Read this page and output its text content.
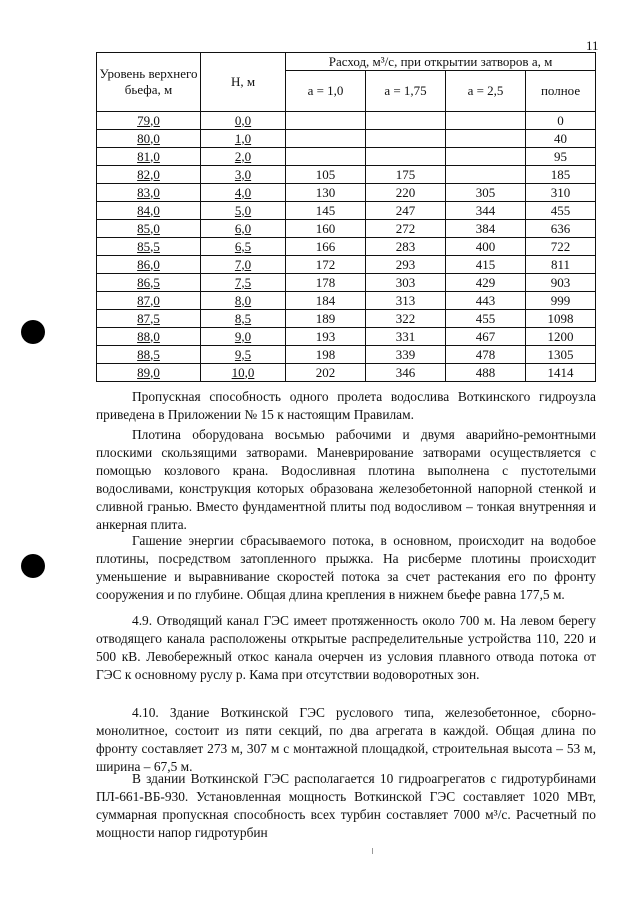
11
Уровень верхнего бьефа, м	H, м	Расход, м³/с, при открытии затворов a, м			
		a = 1,0	a = 1,75	a = 2,5	полное
79,0	0,0				0
80,0	1,0				40
81,0	2,0				95
82,0	3,0	105	175		185
83,0	4,0	130	220	305	310
84,0	5,0	145	247	344	455
85,0	6,0	160	272	384	636
85,5	6,5	166	283	400	722
86,0	7,0	172	293	415	811
86,5	7,5	178	303	429	903
87,0	8,0	184	313	443	999
87,5	8,5	189	322	455	1098
88,0	9,0	193	331	467	1200
88,5	9,5	198	339	478	1305
89,0	10,0	202	346	488	1414

Пропускная способность одного пролета водослива Воткинского гидроузла приведена в Приложении № 15 к настоящим Правилам.

Плотина оборудована восьмью рабочими и двумя аварийно-ремонтными плоскими скользящими затворами. Маневрирование затворами осуществляется с помощью козлового крана. Водосливная плотина выполнена с пустотелыми водосливами, конструкция которых образована железобетонной напорной стенкой и сливной гранью. Вместо фундаментной плиты под водосливом – тонкая внутренняя и анкерная плита.

Гашение энергии сбрасываемого потока, в основном, происходит на водобое плотины, посредством затопленного прыжка. На рисберме плотины происходит уменьшение и выравнивание скоростей потока за счет растекания его по фронту сооружения и по глубине. Общая длина крепления в нижнем бьефе равна 177,5 м.

4.9. Отводящий канал ГЭС имеет протяженность около 700 м. На левом берегу отводящего канала расположены открытые распределительные устройства 110, 220 и 500 кВ. Левобережный откос канала очерчен из условия плавного отвода потока от ГЭС к основному руслу р. Кама при отсутствии водоворотных зон.

4.10. Здание Воткинской ГЭС руслового типа, железобетонное, сборно-монолитное, состоит из пяти секций, по два агрегата в каждой. Общая длина по фронту составляет 273 м, 307 м с монтажной площадкой, строительная высота – 53 м, ширина – 67,5 м.

В здании Воткинской ГЭС располагается 10 гидроагрегатов с гидротурбинами ПЛ-661-ВБ-930. Установленная мощность Воткинской ГЭС составляет 1020 МВт, суммарная пропускная способность всех турбин составляет 7000 м³/с. Расчетный по мощности напор гидротурбин
